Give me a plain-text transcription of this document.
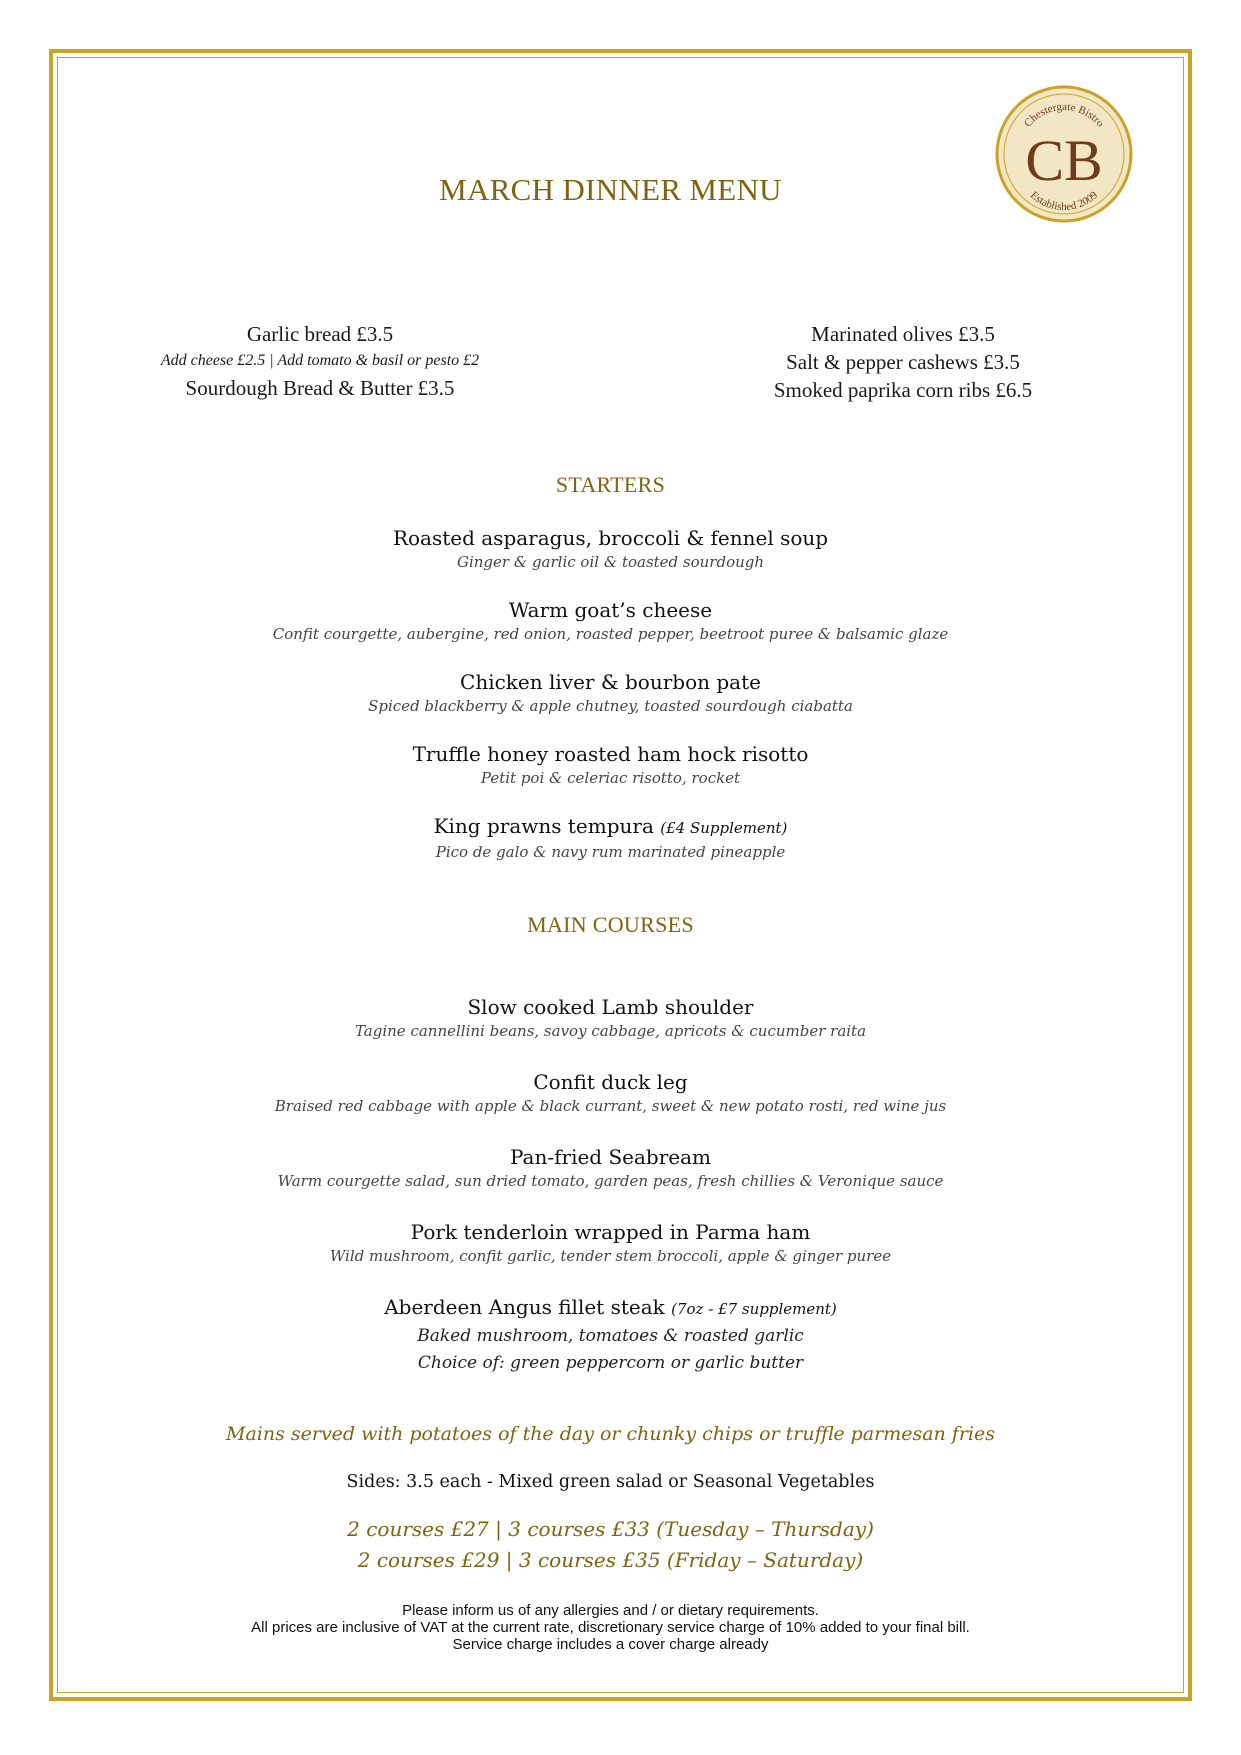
Chestergate Bistro
Established 2009
CB
MARCH DINNER MENU
Garlic bread £3.5
Add cheese £2.5 | Add tomato & basil or pesto £2
Sourdough Bread & Butter £3.5
Marinated olives £3.5
Salt & pepper cashews £3.5
Smoked paprika corn ribs £6.5
STARTERS
Roasted asparagus, broccoli & fennel soup
Ginger & garlic oil & toasted sourdough
Warm goat’s cheese
Confit courgette, aubergine, red onion, roasted pepper, beetroot puree & balsamic glaze
Chicken liver & bourbon pate
Spiced blackberry & apple chutney, toasted sourdough ciabatta
Truffle honey roasted ham hock risotto
Petit poi & celeriac risotto, rocket
King prawns tempura (£4 Supplement)
Pico de galo & navy rum marinated pineapple
MAIN COURSES
Slow cooked Lamb shoulder
Tagine cannellini beans, savoy cabbage, apricots & cucumber raita
Confit duck leg
Braised red cabbage with apple & black currant, sweet & new potato rosti, red wine jus
Pan-fried Seabream
Warm courgette salad, sun dried tomato, garden peas, fresh chillies & Veronique sauce
Pork tenderloin wrapped in Parma ham
Wild mushroom, confit garlic, tender stem broccoli, apple & ginger puree
Aberdeen Angus fillet steak (7oz - £7 supplement)
Baked mushroom, tomatoes & roasted garlic
Choice of: green peppercorn or garlic butter
Mains served with potatoes of the day or chunky chips or truffle parmesan fries
Sides: 3.5 each - Mixed green salad or Seasonal Vegetables
2 courses £27 | 3 courses £33 (Tuesday – Thursday)
2 courses £29 | 3 courses £35 (Friday – Saturday)
Please inform us of any allergies and / or dietary requirements.
All prices are inclusive of VAT at the current rate, discretionary service charge of 10% added to your final bill.
Service charge includes a cover charge already
